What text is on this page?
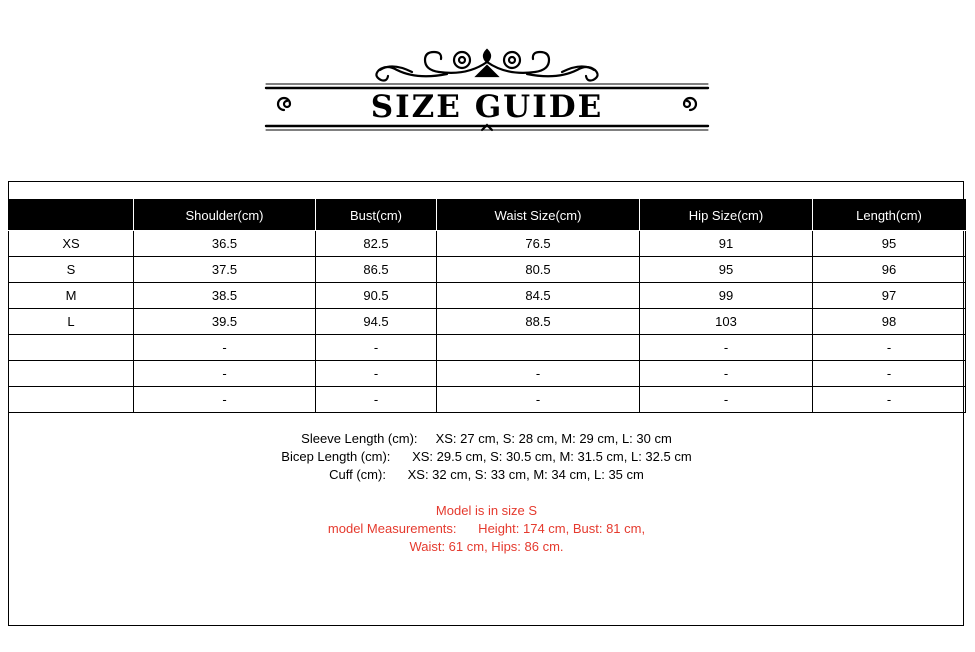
SIZE GUIDE
	Shoulder(cm)	Bust(cm)	Waist Size(cm)	Hip Size(cm)	Length(cm)
XS	36.5	82.5	76.5	91	95
S	37.5	86.5	80.5	95	96
M	38.5	90.5	84.5	99	97
L	39.5	94.5	88.5	103	98
	-	-		-	-
	-	-	-	-	-
	-	-	-	-	-
Sleeve Length (cm):     XS: 27 cm, S: 28 cm, M: 29 cm, L: 30 cm
Bicep Length (cm):      XS: 29.5 cm, S: 30.5 cm, M: 31.5 cm, L: 32.5 cm
Cuff (cm):      XS: 32 cm, S: 33 cm, M: 34 cm, L: 35 cm
Model is in size S
model Measurements:      Height: 174 cm, Bust: 81 cm,
Waist: 61 cm, Hips: 86 cm.
